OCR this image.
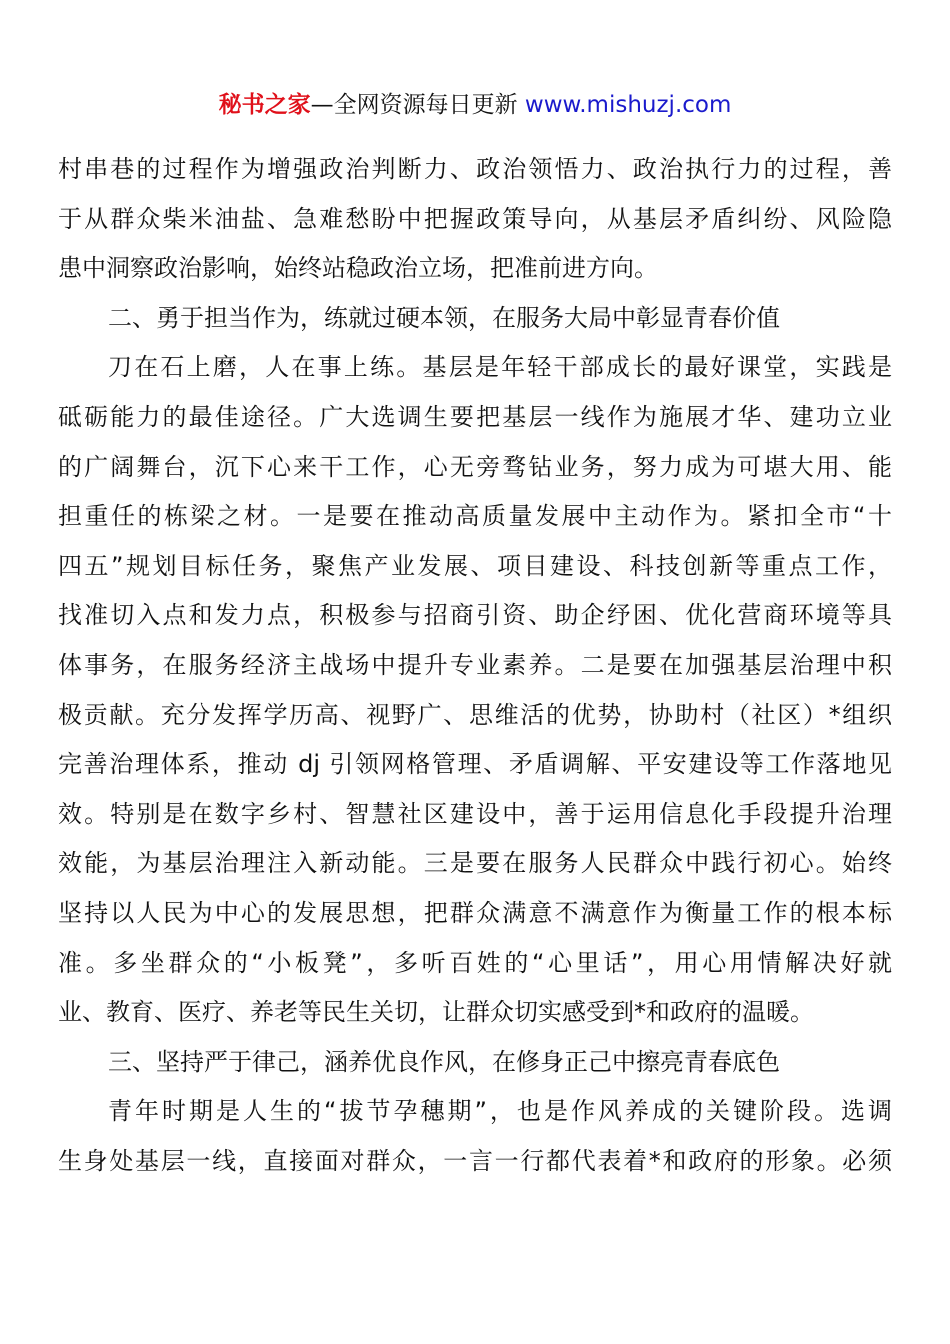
秘书之家—全网资源每日更新 www.mishuzj.com
村串巷的过程作为增强政治判断力、政治领悟力、政治执行力的过程，善
于从群众柴米油盐、急难愁盼中把握政策导向，从基层矛盾纠纷、风险隐
患中洞察政治影响，始终站稳政治立场，把准前进方向。
二、勇于担当作为，练就过硬本领，在服务大局中彰显青春价值
刀在石上磨，人在事上练。基层是年轻干部成长的最好课堂，实践是
砥砺能力的最佳途径。广大选调生要把基层一线作为施展才华、建功立业
的广阔舞台，沉下心来干工作，心无旁骛钻业务，努力成为可堪大用、能
担重任的栋梁之材。一是要在推动高质量发展中主动作为。紧扣全市“十
四五”规划目标任务，聚焦产业发展、项目建设、科技创新等重点工作，
找准切入点和发力点，积极参与招商引资、助企纾困、优化营商环境等具
体事务，在服务经济主战场中提升专业素养。二是要在加强基层治理中积
极贡献。充分发挥学历高、视野广、思维活的优势，协助村（社区）*组织
完善治理体系，推动 dj 引领网格管理、矛盾调解、平安建设等工作落地见
效。特别是在数字乡村、智慧社区建设中，善于运用信息化手段提升治理
效能，为基层治理注入新动能。三是要在服务人民群众中践行初心。始终
坚持以人民为中心的发展思想，把群众满意不满意作为衡量工作的根本标
准。多坐群众的“小板凳”，多听百姓的“心里话”，用心用情解决好就
业、教育、医疗、养老等民生关切，让群众切实感受到*和政府的温暖。
三、坚持严于律己，涵养优良作风，在修身正己中擦亮青春底色
青年时期是人生的“拔节孕穗期”，也是作风养成的关键阶段。选调
生身处基层一线，直接面对群众，一言一行都代表着*和政府的形象。必须
